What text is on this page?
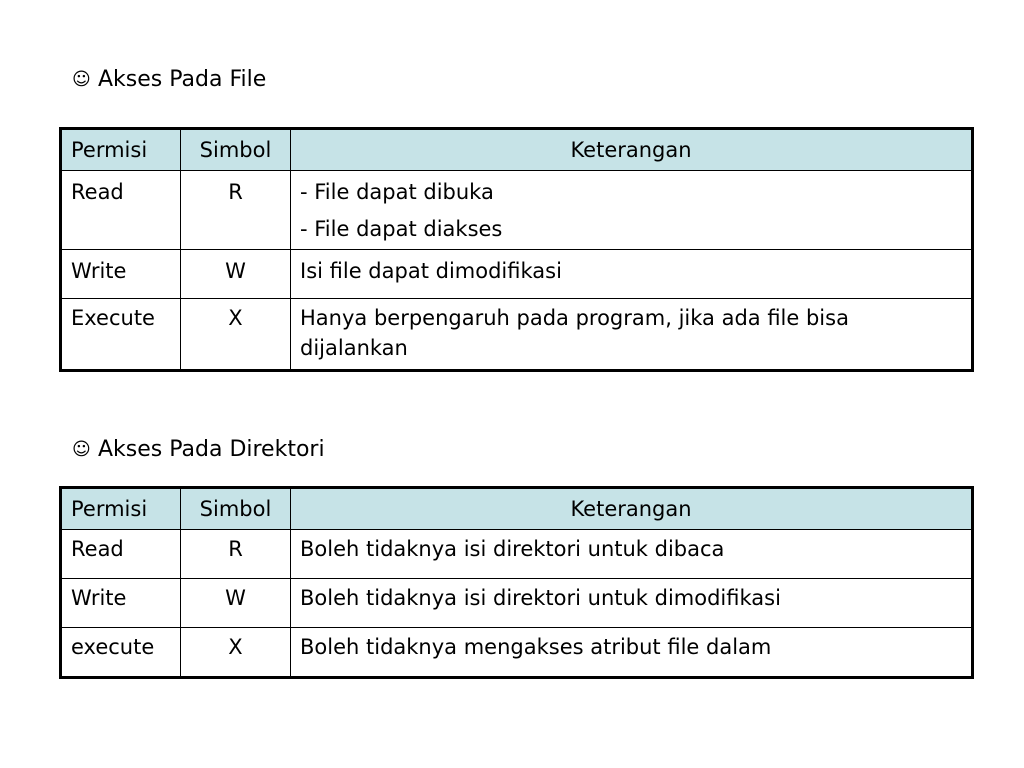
☺ Akses Pada File
Permisi	Simbol	Keterangan
Read	R	- File dapat dibuka
- File dapat diakses

Write	W	Isi file dapat dimodifikasi
Execute	X	Hanya berpengaruh pada program, jika ada file bisa dijalankan
☺ Akses Pada Direktori
Permisi	Simbol	Keterangan
Read	R	Boleh tidaknya isi direktori untuk dibaca
Write	W	Boleh tidaknya isi direktori untuk dimodifikasi
execute	X	Boleh tidaknya mengakses atribut file dalam
